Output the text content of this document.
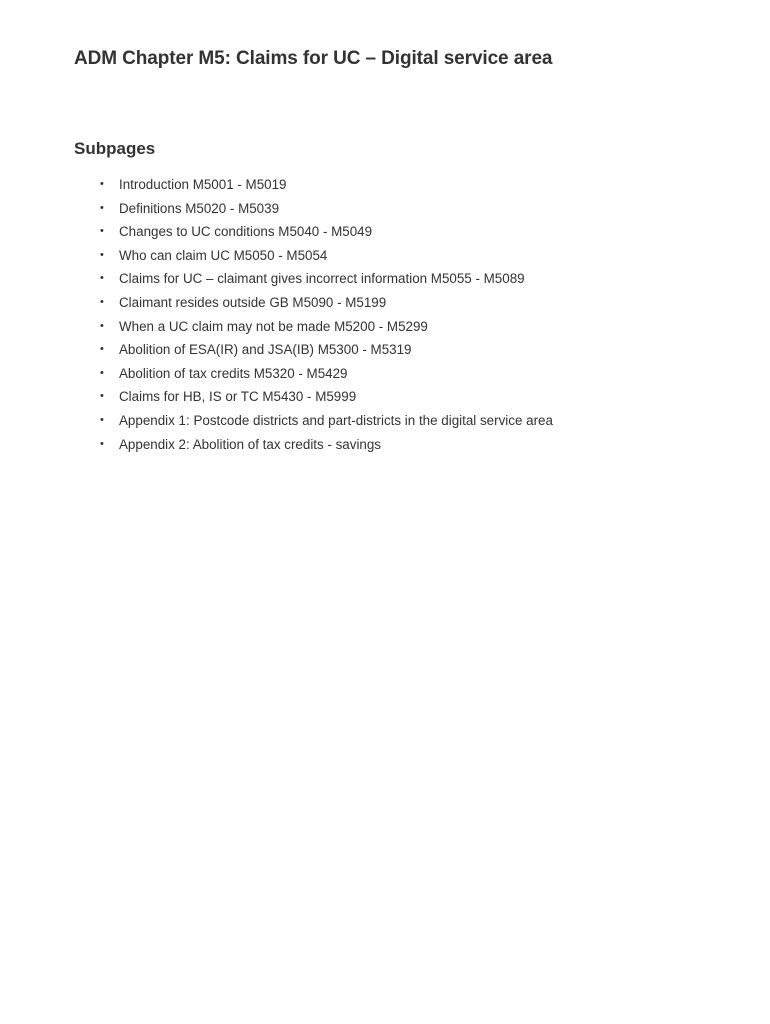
ADM Chapter M5: Claims for UC – Digital service area
Subpages
• Introduction M5001 - M5019
• Definitions M5020 - M5039
• Changes to UC conditions M5040 - M5049
• Who can claim UC M5050 - M5054
• Claims for UC – claimant gives incorrect information M5055 - M5089
• Claimant resides outside GB M5090 - M5199
• When a UC claim may not be made M5200 - M5299
• Abolition of ESA(IR) and JSA(IB) M5300 - M5319
• Abolition of tax credits M5320 - M5429
• Claims for HB, IS or TC M5430 - M5999
• Appendix 1: Postcode districts and part-districts in the digital service area
• Appendix 2: Abolition of tax credits - savings
